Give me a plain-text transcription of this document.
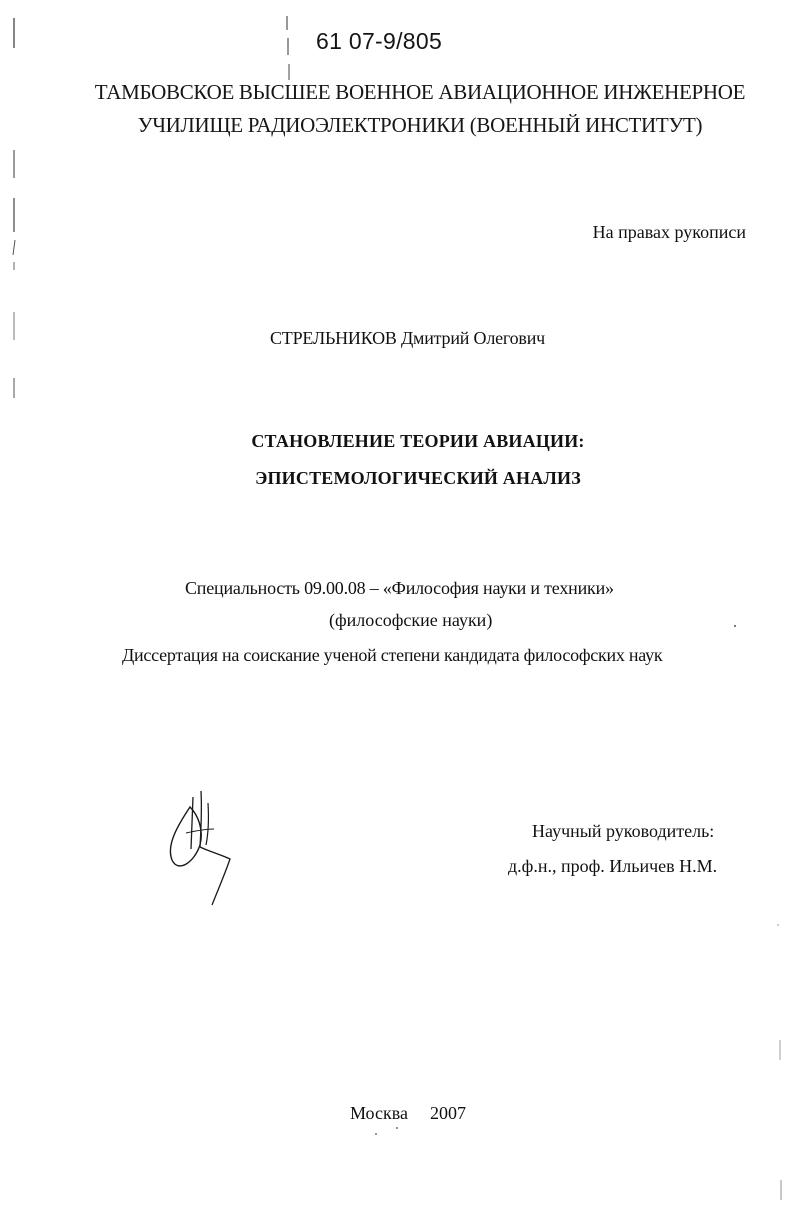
61 07-9/805
ТАМБОВСКОЕ ВЫСШЕЕ ВОЕННОЕ АВИАЦИОННОЕ ИНЖЕНЕРНОЕ
УЧИЛИЩЕ РАДИОЭЛЕКТРОНИКИ (ВОЕННЫЙ ИНСТИТУТ)
На правах рукописи
СТРЕЛЬНИКОВ Дмитрий Олегович
СТАНОВЛЕНИЕ ТЕОРИИ АВИАЦИИ:
ЭПИСТЕМОЛОГИЧЕСКИЙ АНАЛИЗ
Специальность 09.00.08 – «Философия науки и техники»
(философские науки)
Диссертация на соискание ученой степени кандидата философских наук
Научный руководитель:
д.ф.н., проф. Ильичев Н.М.
Москва 2007
